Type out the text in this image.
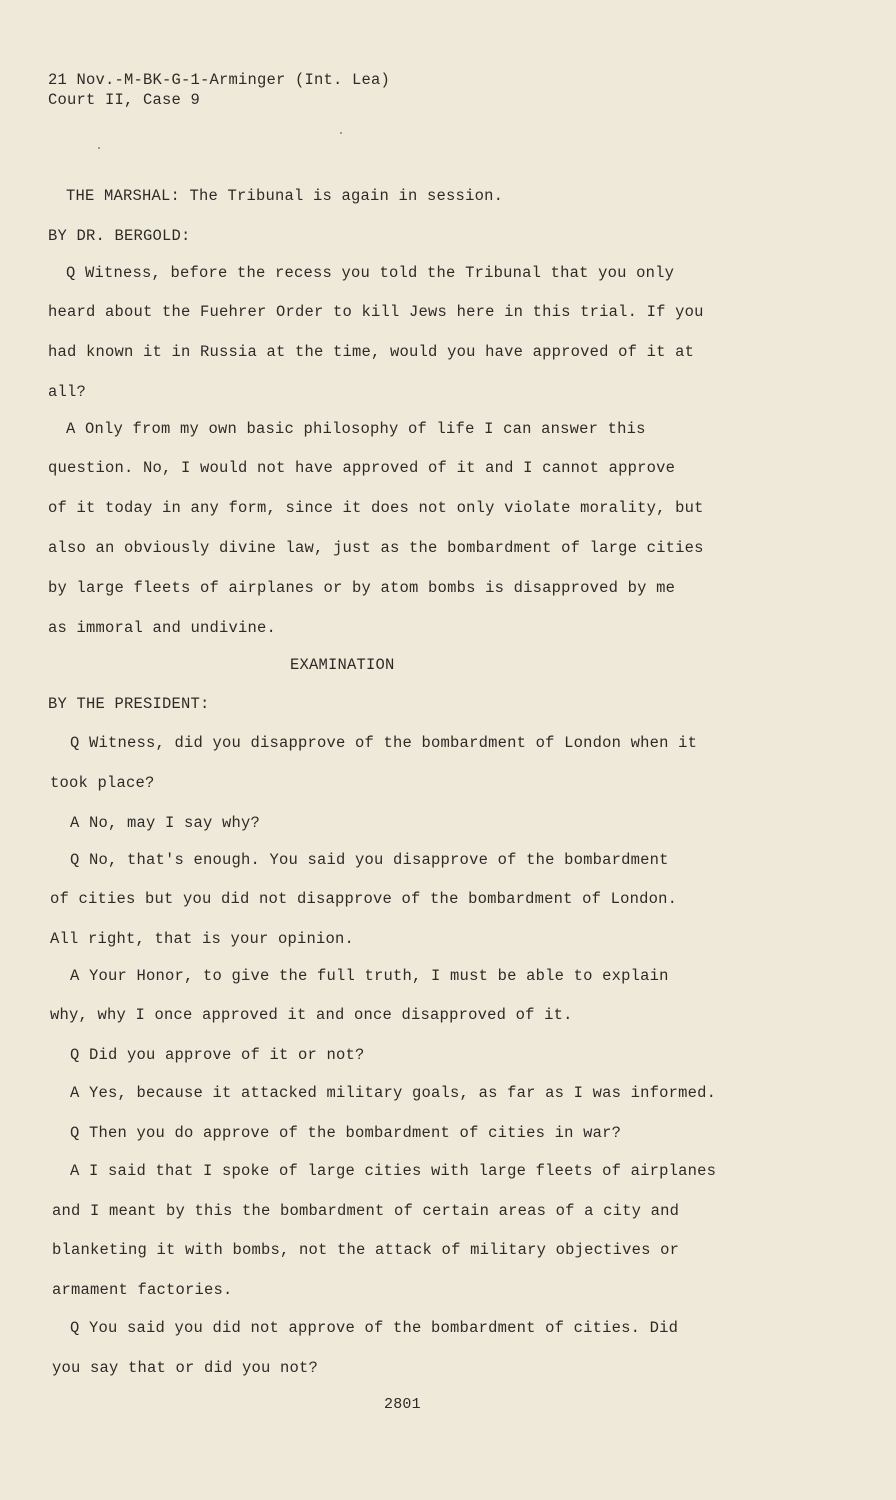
21 Nov.-M-BK-G-1-Arminger (Int. Lea)
Court II, Case 9
THE MARSHAL: The Tribunal is again in session.
BY DR. BERGOLD:
Q Witness, before the recess you told the Tribunal that you only
heard about the Fuehrer Order to kill Jews here in this trial. If you
had known it in Russia at the time, would you have approved of it at
all?
A Only from my own basic philosophy of life I can answer this
question. No, I would not have approved of it and I cannot approve
of it today in any form, since it does not only violate morality, but
also an obviously divine law, just as the bombardment of large cities
by large fleets of airplanes or by atom bombs is disapproved by me
as immoral and undivine.
EXAMINATION
BY THE PRESIDENT:
Q Witness, did you disapprove of the bombardment of London when it
took place?
A No, may I say why?
Q No, that's enough. You said you disapprove of the bombardment
of cities but you did not disapprove of the bombardment of London.
All right, that is your opinion.
A Your Honor, to give the full truth, I must be able to explain
why, why I once approved it and once disapproved of it.
Q Did you approve of it or not?
A Yes, because it attacked military goals, as far as I was informed.
Q Then you do approve of the bombardment of cities in war?
A I said that I spoke of large cities with large fleets of airplanes
and I meant by this the bombardment of certain areas of a city and
blanketing it with bombs, not the attack of military objectives or
armament factories.
Q You said you did not approve of the bombardment of cities. Did
you say that or did you not?
2801
